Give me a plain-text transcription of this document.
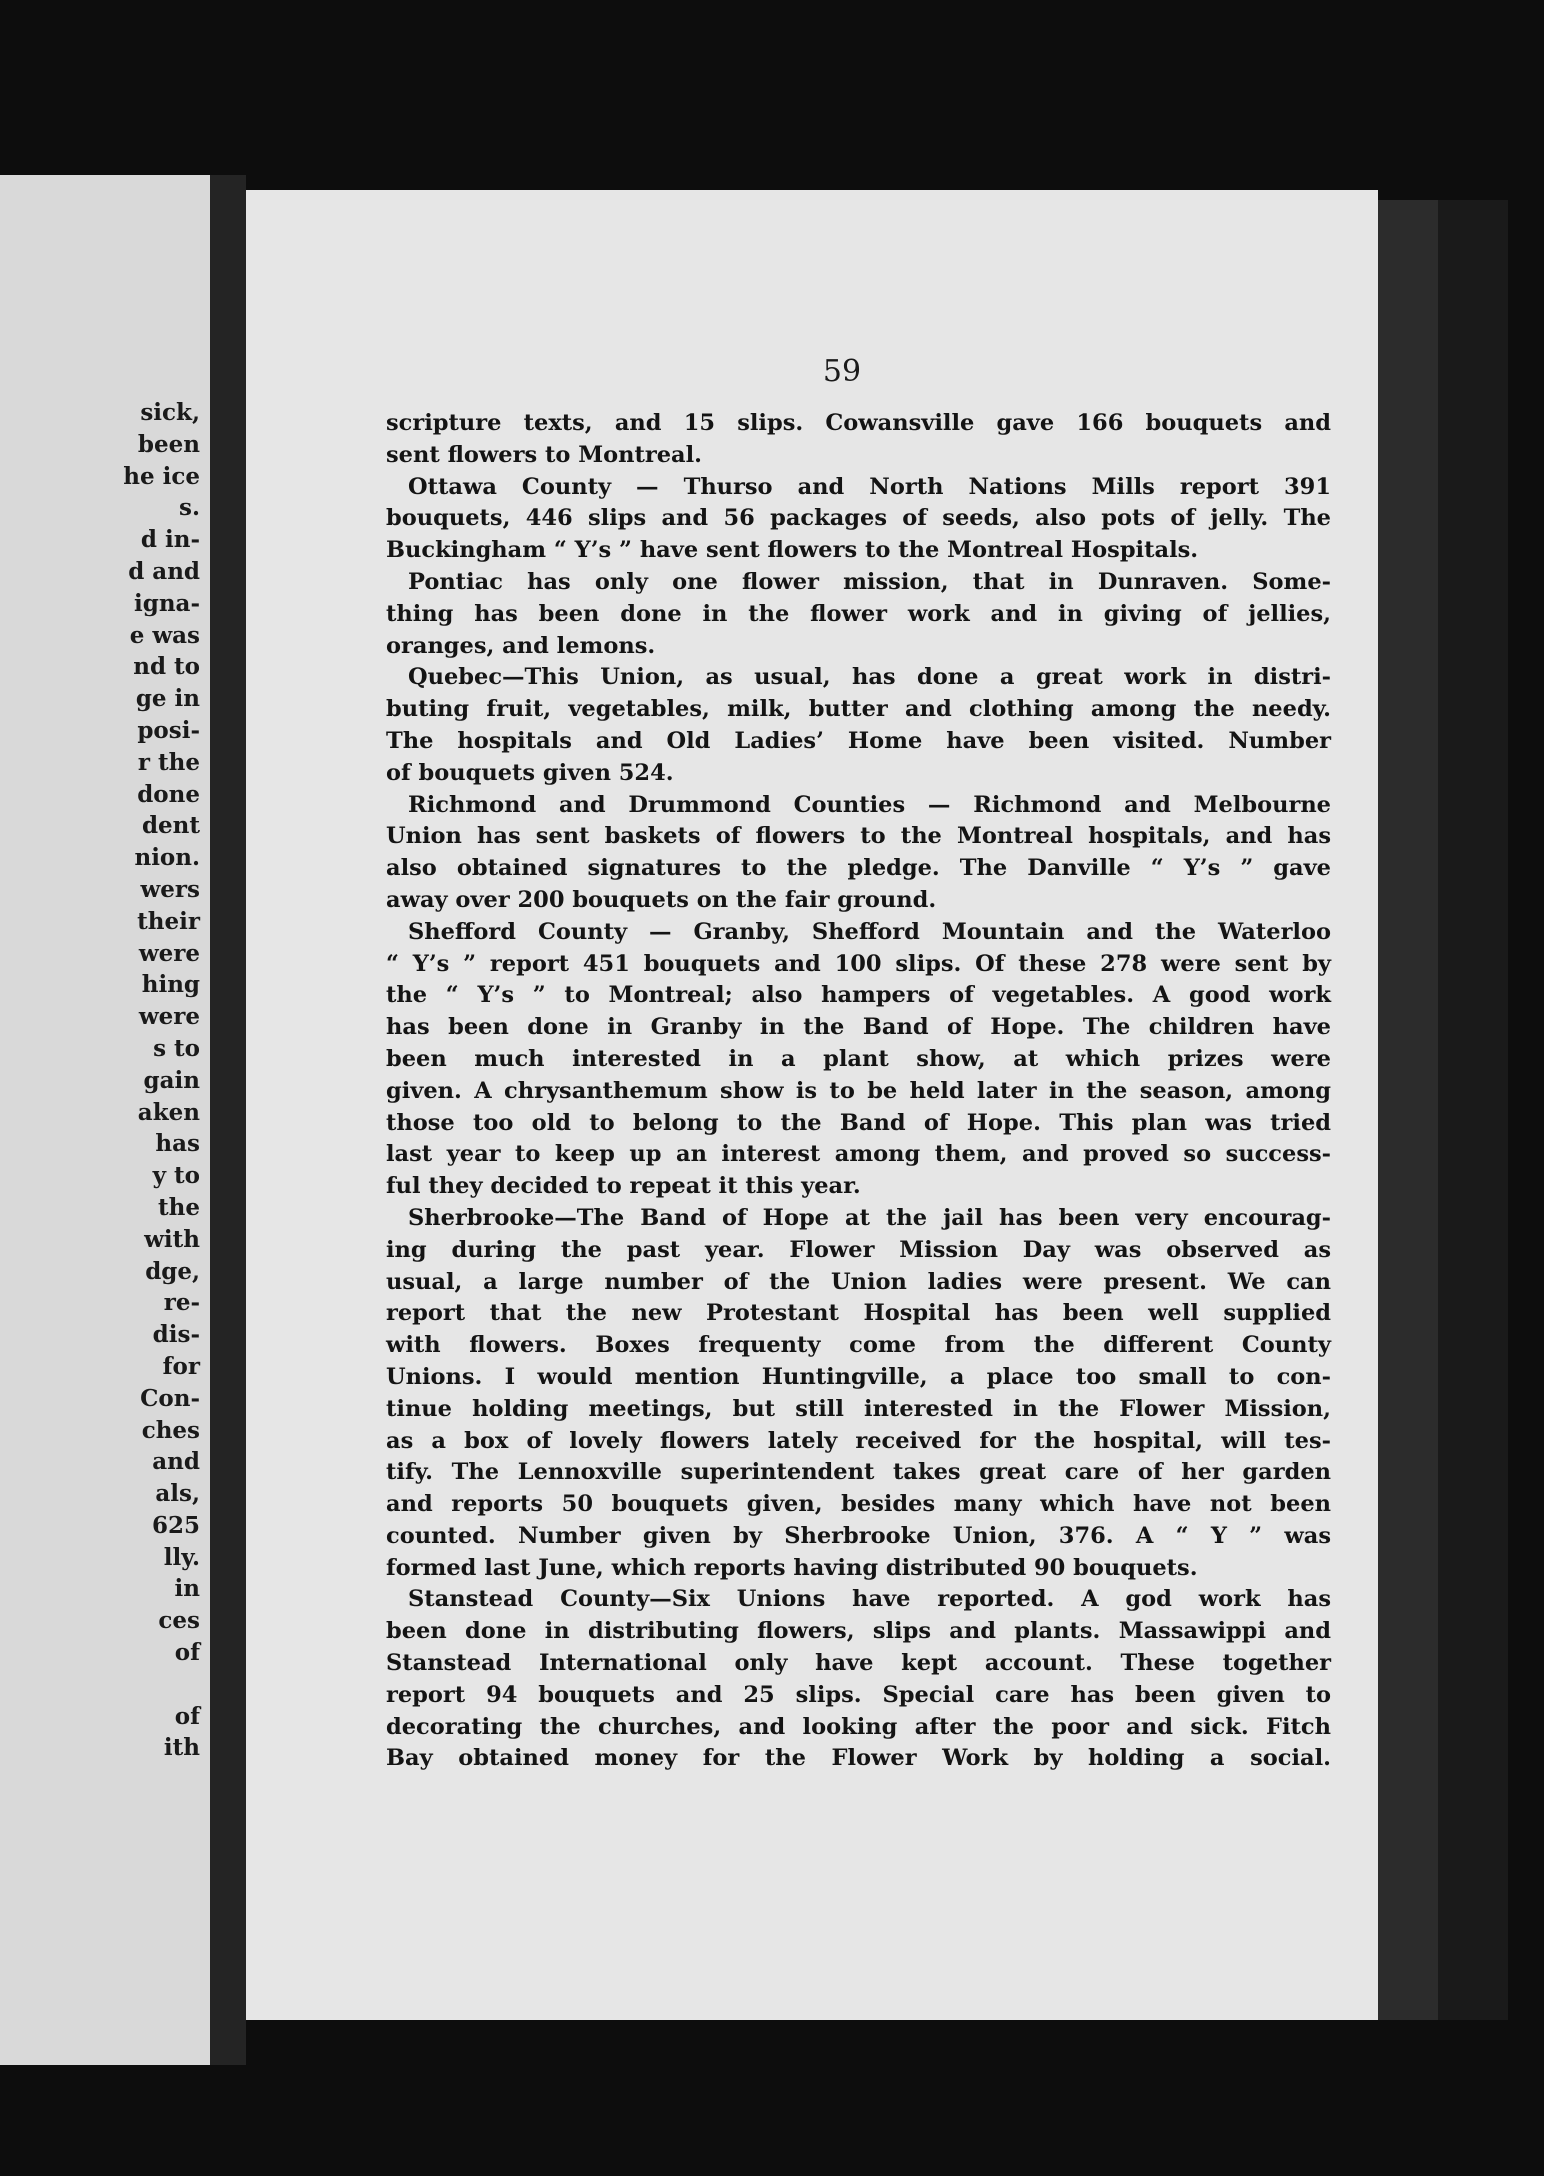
sick,
been
he ice
s.
d in-
d and
igna-
e was
nd to
ge in
posi-
r the
done
dent
nion.
wers
their
were
hing
were
s to
gain
aken
has
y to
the
with
dge,
re-
dis-
for
Con-
ches
and
als,
625
lly.
in
ces
of
of
ith
59
scripture texts, and 15 slips. Cowansville gave 166 bouquets and
sent flowers to Montreal.
Ottawa County — Thurso and North Nations Mills report 391
bouquets, 446 slips and 56 packages of seeds, also pots of jelly. The
Buckingham “ Y’s ” have sent flowers to the Montreal Hospitals.
Pontiac has only one flower mission, that in Dunraven. Some-
thing has been done in the flower work and in giving of jellies,
oranges, and lemons.
Quebec—This Union, as usual, has done a great work in distri-
buting fruit, vegetables, milk, butter and clothing among the needy.
The hospitals and Old Ladies’ Home have been visited. Number
of bouquets given 524.
Richmond and Drummond Counties — Richmond and Melbourne
Union has sent baskets of flowers to the Montreal hospitals, and has
also obtained signatures to the pledge. The Danville “ Y’s ” gave
away over 200 bouquets on the fair ground.
Shefford County — Granby, Shefford Mountain and the Waterloo
“ Y’s ” report 451 bouquets and 100 slips. Of these 278 were sent by
the “ Y’s ” to Montreal; also hampers of vegetables. A good work
has been done in Granby in the Band of Hope. The children have
been much interested in a plant show, at which prizes were
given. A chrysanthemum show is to be held later in the season, among
those too old to belong to the Band of Hope. This plan was tried
last year to keep up an interest among them, and proved so success-
ful they decided to repeat it this year.
Sherbrooke—The Band of Hope at the jail has been very encourag-
ing during the past year. Flower Mission Day was observed as
usual, a large number of the Union ladies were present. We can
report that the new Protestant Hospital has been well supplied
with flowers. Boxes frequenty come from the different County
Unions. I would mention Huntingville, a place too small to con-
tinue holding meetings, but still interested in the Flower Mission,
as a box of lovely flowers lately received for the hospital, will tes-
tify. The Lennoxville superintendent takes great care of her garden
and reports 50 bouquets given, besides many which have not been
counted. Number given by Sherbrooke Union, 376. A “ Y ” was
formed last June, which reports having distributed 90 bouquets.
Stanstead County—Six Unions have reported. A god work has
been done in distributing flowers, slips and plants. Massawippi and
Stanstead International only have kept account. These together
report 94 bouquets and 25 slips. Special care has been given to
decorating the churches, and looking after the poor and sick. Fitch
Bay obtained money for the Flower Work by holding a social.
